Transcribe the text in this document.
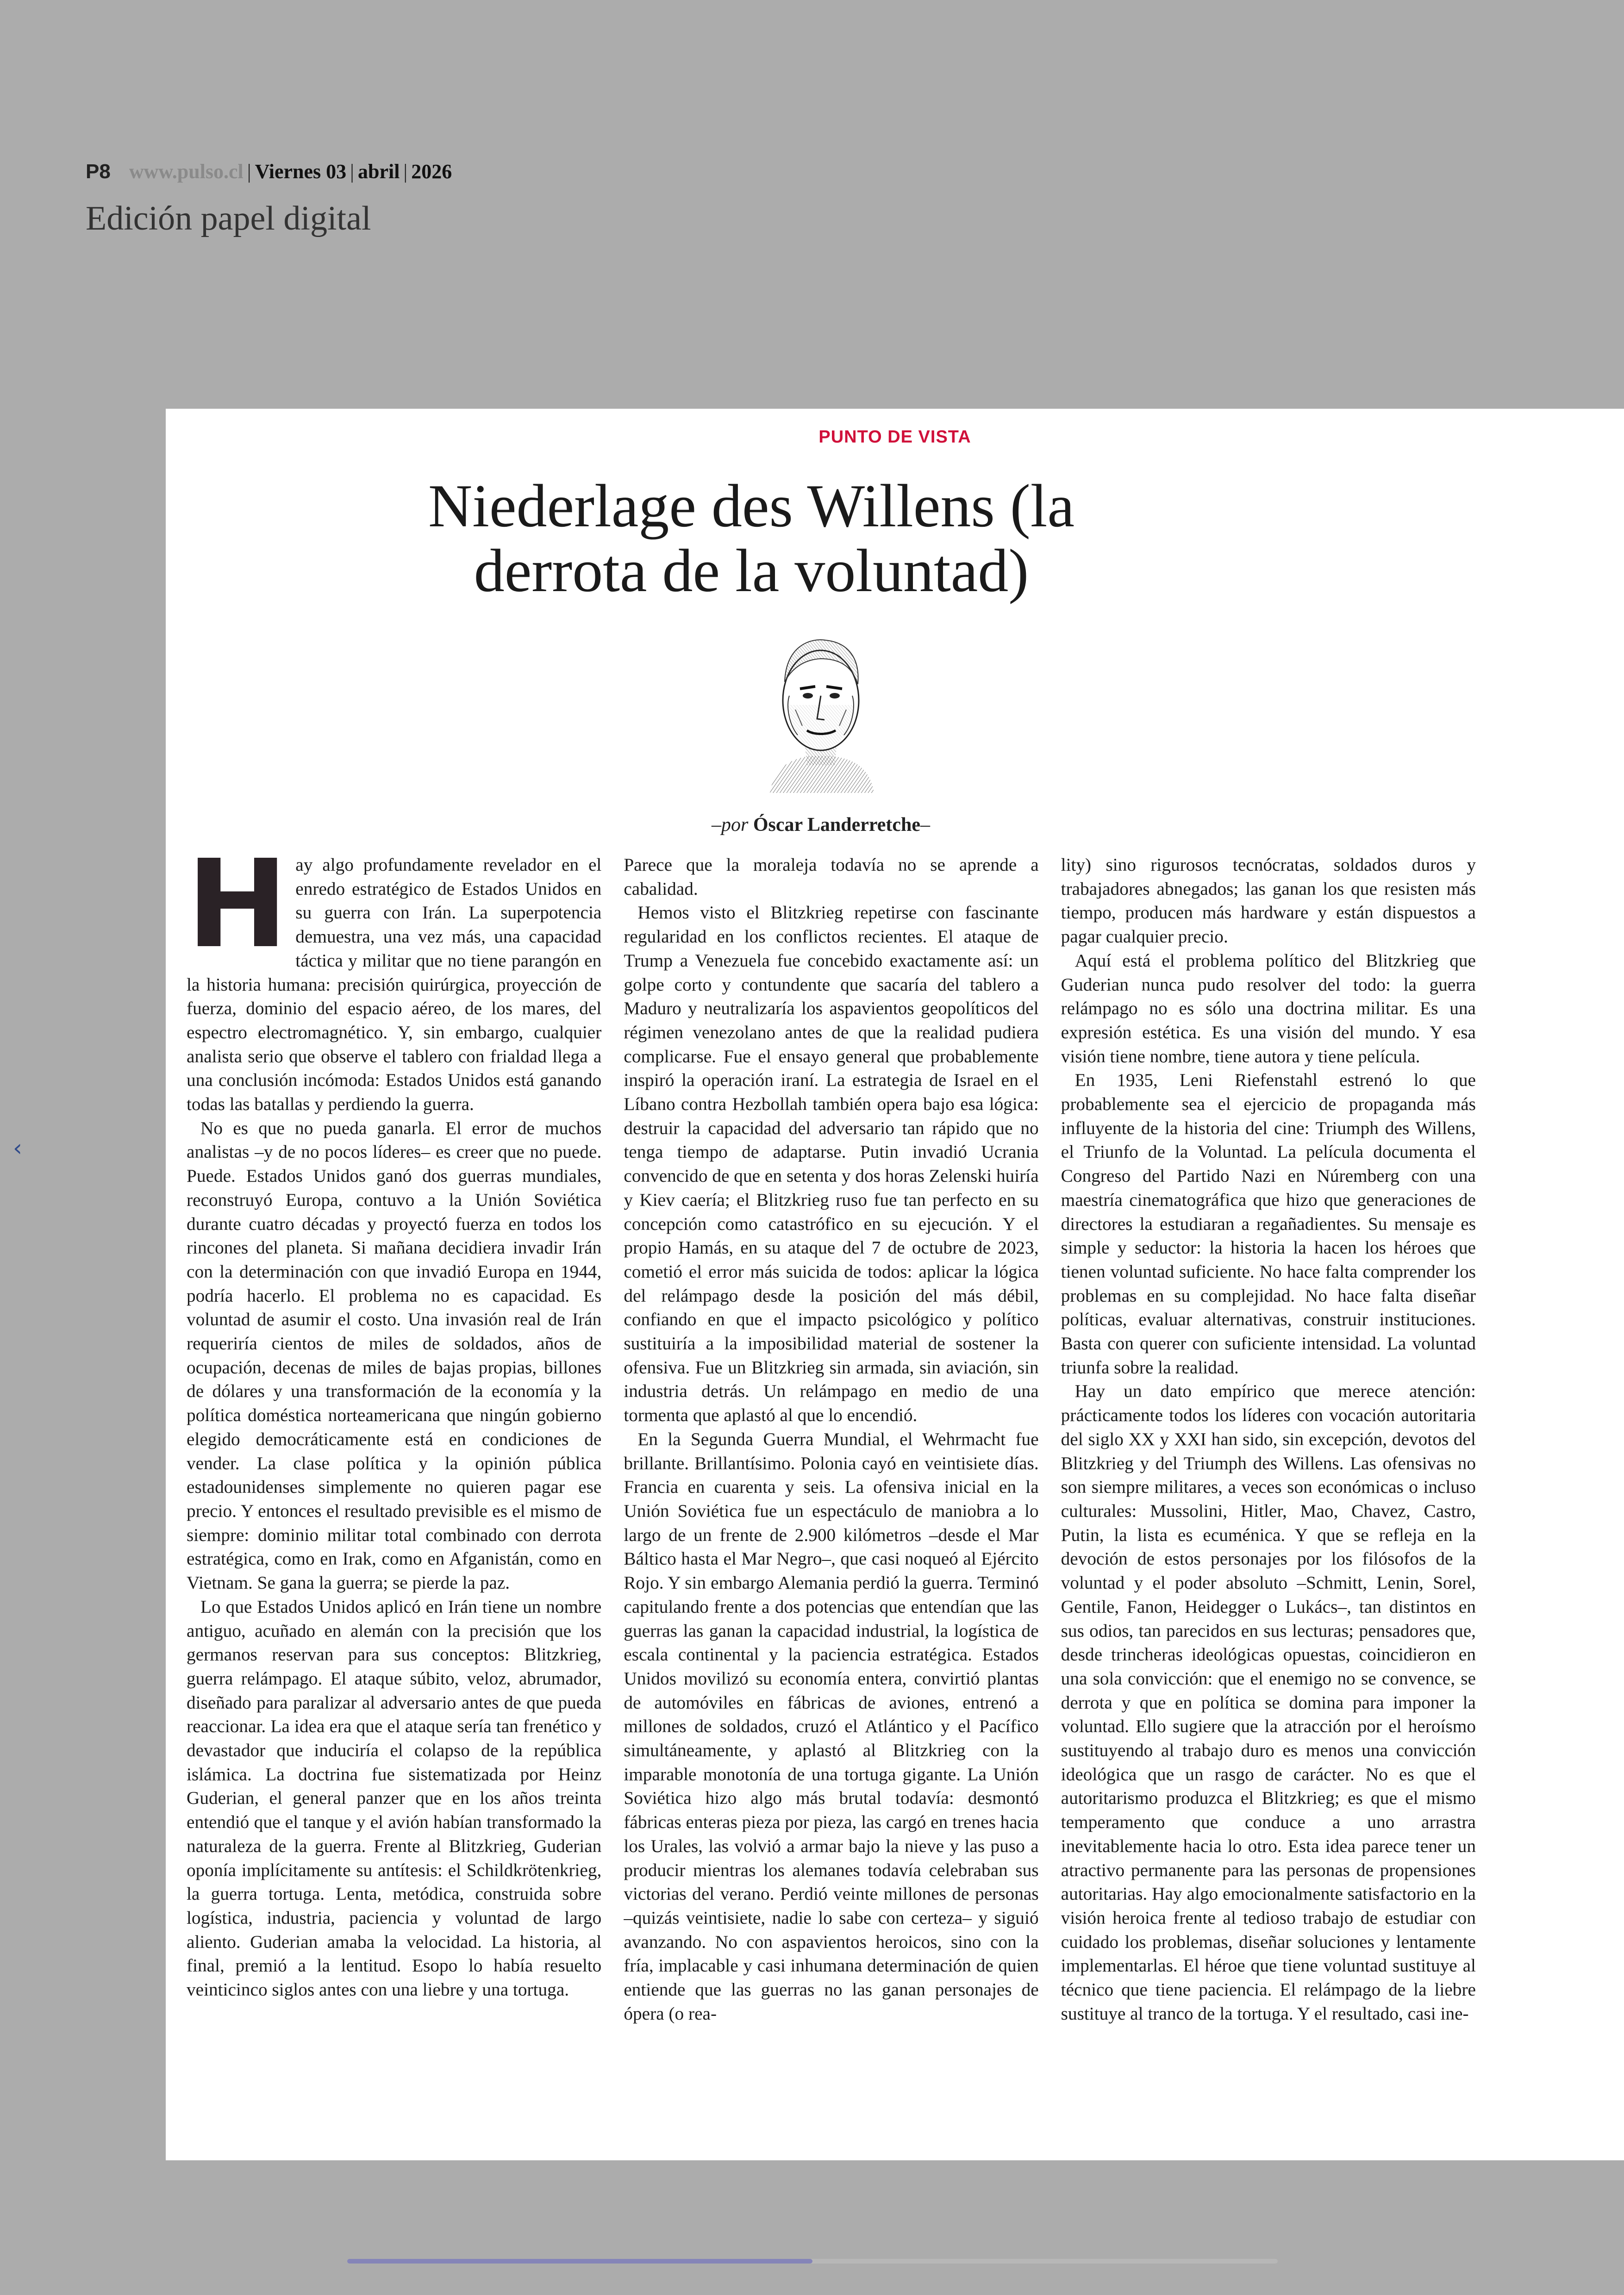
P8 www.pulso.cl | Viernes 03 | abril | 2026
Edición papel digital
‹
PUNTO DE VISTA
Niederlage des Willens (la
derrota de la voluntad)
–por Óscar Landerretche–
H ay algo profundamente revelador en el enredo estratégico de Estados Unidos en su guerra con Irán. La superpotencia demuestra, una vez más, una capacidad táctica y militar que no tiene parangón en la historia humana: precisión quirúrgica, proyección de fuerza, dominio del espacio aéreo, de los mares, del espectro electromagnético. Y, sin embargo, cualquier analista serio que observe el tablero con frialdad llega a una conclusión incómoda: Estados Unidos está ganando todas las batallas y perdiendo la guerra.

No es que no pueda ganarla. El error de muchos analistas –y de no pocos líderes– es creer que no puede. Puede. Estados Unidos ganó dos guerras mundiales, reconstruyó Europa, contuvo a la Unión Soviética durante cuatro décadas y proyectó fuerza en todos los rincones del planeta. Si mañana decidiera invadir Irán con la determinación con que invadió Europa en 1944, podría hacerlo. El problema no es capacidad. Es voluntad de asumir el costo. Una invasión real de Irán requeriría cientos de miles de soldados, años de ocupación, decenas de miles de bajas propias, billones de dólares y una transformación de la economía y la política doméstica norteamericana que ningún gobierno elegido democráticamente está en condiciones de vender. La clase política y la opinión pública estadounidenses simplemente no quieren pagar ese precio. Y entonces el resultado previsible es el mismo de siempre: dominio militar total combinado con derrota estratégica, como en Irak, como en Afganistán, como en Vietnam. Se gana la guerra; se pierde la paz.

Lo que Estados Unidos aplicó en Irán tiene un nombre antiguo, acuñado en alemán con la precisión que los germanos reservan para sus conceptos: Blitzkrieg, guerra relámpago. El ataque súbito, veloz, abrumador, diseñado para paralizar al adversario antes de que pueda reaccionar. La idea era que el ataque sería tan frenético y devastador que induciría el colapso de la república islámica. La doctrina fue sistematizada por Heinz Guderian, el general panzer que en los años treinta entendió que el tanque y el avión habían transformado la naturaleza de la guerra. Frente al Blitzkrieg, Guderian oponía implícitamente su antítesis: el Schildkrötenkrieg, la guerra tortuga. Lenta, metódica, construida sobre logística, industria, paciencia y voluntad de largo aliento. Guderian amaba la velocidad. La historia, al final, premió a la lentitud. Esopo lo había resuelto veinticinco siglos antes con una liebre y una tortuga.

Parece que la moraleja todavía no se aprende a cabalidad.

Hemos visto el Blitzkrieg repetirse con fascinante regularidad en los conflictos recientes. El ataque de Trump a Venezuela fue concebido exactamente así: un golpe corto y contundente que sacaría del tablero a Maduro y neutralizaría los aspavientos geopolíticos del régimen venezolano antes de que la realidad pudiera complicarse. Fue el ensayo general que probablemente inspiró la operación iraní. La estrategia de Israel en el Líbano contra Hezbollah también opera bajo esa lógica: destruir la capacidad del adversario tan rápido que no tenga tiempo de adaptarse. Putin invadió Ucrania convencido de que en setenta y dos horas Zelenski huiría y Kiev caería; el Blitzkrieg ruso fue tan perfecto en su concepción como catastrófico en su ejecución. Y el propio Hamás, en su ataque del 7 de octubre de 2023, cometió el error más suicida de todos: aplicar la lógica del relámpago desde la posición del más débil, confiando en que el impacto psicológico y político sustituiría a la imposibilidad material de sostener la ofensiva. Fue un Blitzkrieg sin armada, sin aviación, sin industria detrás. Un relámpago en medio de una tormenta que aplastó al que lo encendió.

En la Segunda Guerra Mundial, el Wehrmacht fue brillante. Brillantísimo. Polonia cayó en veintisiete días. Francia en cuarenta y seis. La ofensiva inicial en la Unión Soviética fue un espectáculo de maniobra a lo largo de un frente de 2.900 kilómetros –desde el Mar Báltico hasta el Mar Negro–, que casi noqueó al Ejército Rojo. Y sin embargo Alemania perdió la guerra. Terminó capitulando frente a dos potencias que entendían que las guerras las ganan la capacidad industrial, la logística de escala continental y la paciencia estratégica. Estados Unidos movilizó su economía entera, convirtió plantas de automóviles en fábricas de aviones, entrenó a millones de soldados, cruzó el Atlántico y el Pacífico simultáneamente, y aplastó al Blitzkrieg con la imparable monotonía de una tortuga gigante. La Unión Soviética hizo algo más brutal todavía: desmontó fábricas enteras pieza por pieza, las cargó en trenes hacia los Urales, las volvió a armar bajo la nieve y las puso a producir mientras los alemanes todavía celebraban sus victorias del verano. Perdió veinte millones de personas –quizás veintisiete, nadie lo sabe con certeza– y siguió avanzando. No con aspavientos heroicos, sino con la fría, implacable y casi inhumana determinación de quien entiende que las guerras no las ganan personajes de ópera (o rea-

lity) sino rigurosos tecnócratas, soldados duros y trabajadores abnegados; las ganan los que resisten más tiempo, producen más hardware y están dispuestos a pagar cualquier precio.

Aquí está el problema político del Blitzkrieg que Guderian nunca pudo resolver del todo: la guerra relámpago no es sólo una doctrina militar. Es una expresión estética. Es una visión del mundo. Y esa visión tiene nombre, tiene autora y tiene película.

En 1935, Leni Riefenstahl estrenó lo que probablemente sea el ejercicio de propaganda más influyente de la historia del cine: Triumph des Willens, el Triunfo de la Voluntad. La película documenta el Congreso del Partido Nazi en Núremberg con una maestría cinematográfica que hizo que generaciones de directores la estudiaran a regañadientes. Su mensaje es simple y seductor: la historia la hacen los héroes que tienen voluntad suficiente. No hace falta comprender los problemas en su complejidad. No hace falta diseñar políticas, evaluar alternativas, construir instituciones. Basta con querer con suficiente intensidad. La voluntad triunfa sobre la realidad.

Hay un dato empírico que merece atención: prácticamente todos los líderes con vocación autoritaria del siglo XX y XXI han sido, sin excepción, devotos del Blitzkrieg y del Triumph des Willens. Las ofensivas no son siempre militares, a veces son económicas o incluso culturales: Mussolini, Hitler, Mao, Chavez, Castro, Putin, la lista es ecuménica. Y que se refleja en la devoción de estos personajes por los filósofos de la voluntad y el poder absoluto –Schmitt, Lenin, Sorel, Gentile, Fanon, Heidegger o Lukács–, tan distintos en sus odios, tan parecidos en sus lecturas; pensadores que, desde trincheras ideológicas opuestas, coincidieron en una sola convicción: que el enemigo no se convence, se derrota y que en política se domina para imponer la voluntad. Ello sugiere que la atracción por el heroísmo sustituyendo al trabajo duro es menos una convicción ideológica que un rasgo de carácter. No es que el autoritarismo produzca el Blitzkrieg; es que el mismo temperamento que conduce a uno arrastra inevitablemente hacia lo otro. Esta idea parece tener un atractivo permanente para las personas de propensiones autoritarias. Hay algo emocionalmente satisfactorio en la visión heroica frente al tedioso trabajo de estudiar con cuidado los problemas, diseñar soluciones y lentamente implementarlas. El héroe que tiene voluntad sustituye al técnico que tiene paciencia. El relámpago de la liebre sustituye al tranco de la tortuga. Y el resultado, casi ine-
